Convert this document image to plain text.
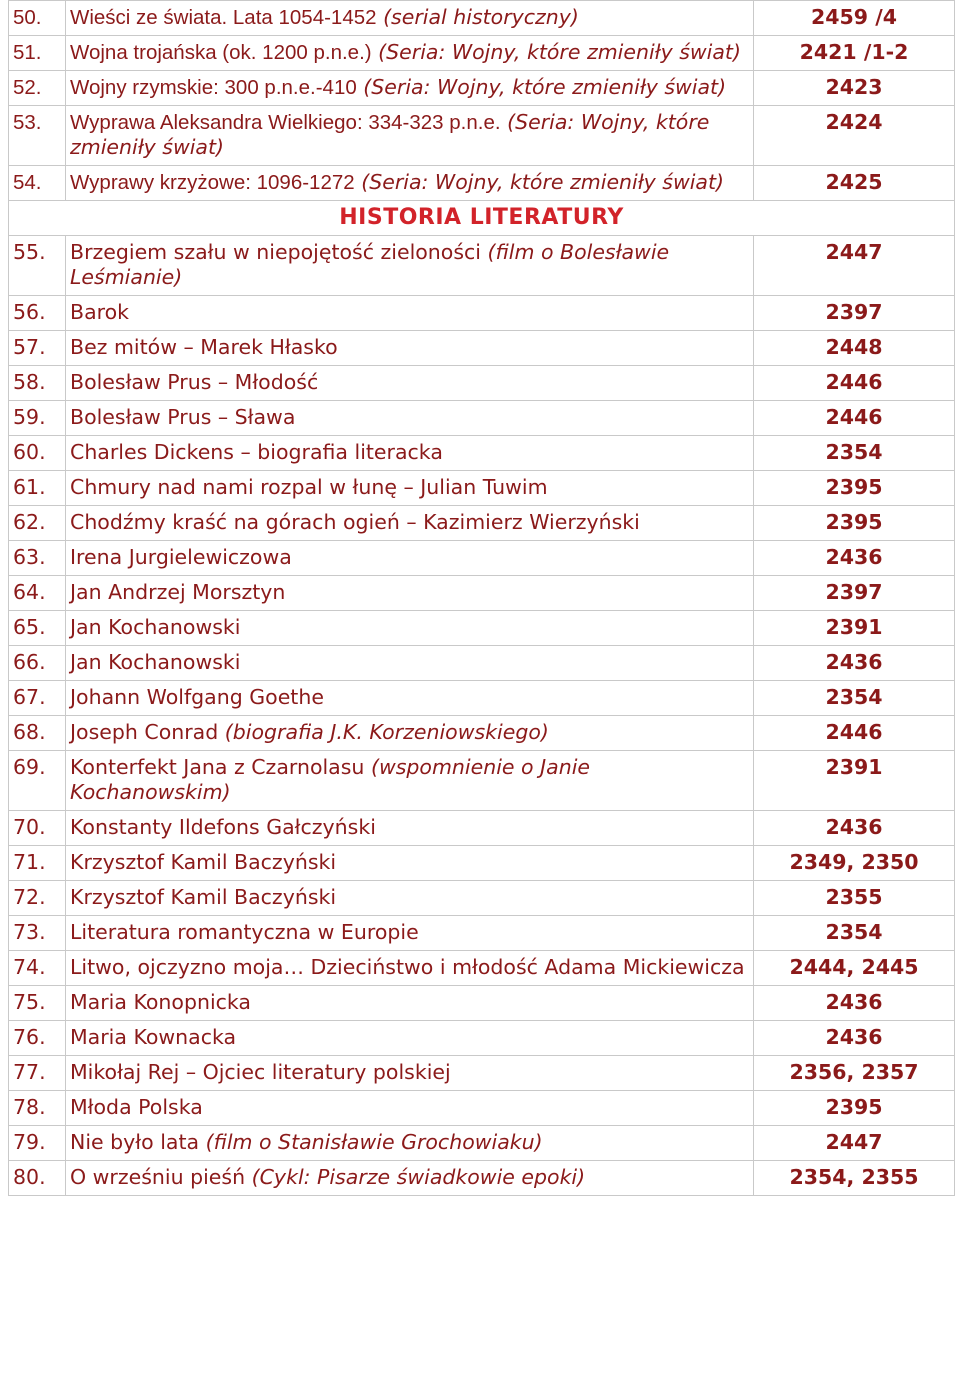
50.	Wieści ze świata. Lata 1054-1452 (serial historyczny)	2459 /4
51.	Wojna trojańska (ok. 1200 p.n.e.) (Seria: Wojny, które zmieniły świat)	2421 /1-2
52.	Wojny rzymskie: 300 p.n.e.-410 (Seria: Wojny, które zmieniły świat)	2423
53.	Wyprawa Aleksandra Wielkiego: 334-323 p.n.e. (Seria: Wojny, które zmieniły świat)	2424
54.	Wyprawy krzyżowe: 1096-1272 (Seria: Wojny, które zmieniły świat)	2425
HISTORIA LITERATURY		
55.	Brzegiem szału w niepojętość zieloności (film o Bolesławie Leśmianie)	2447
56.	Barok	2397
57.	Bez mitów – Marek Hłasko	2448
58.	Bolesław Prus – Młodość	2446
59.	Bolesław Prus – Sława	2446
60.	Charles Dickens – biografia literacka	2354
61.	Chmury nad nami rozpal w łunę – Julian Tuwim	2395
62.	Chodźmy kraść na górach ogień – Kazimierz Wierzyński	2395
63.	Irena Jurgielewiczowa	2436
64.	Jan Andrzej Morsztyn	2397
65.	Jan Kochanowski	2391
66.	Jan Kochanowski	2436
67.	Johann Wolfgang Goethe	2354
68.	Joseph Conrad (biografia J.K. Korzeniowskiego)	2446
69.	Konterfekt Jana z Czarnolasu (wspomnienie o Janie Kochanowskim)	2391
70.	Konstanty Ildefons Gałczyński	2436
71.	Krzysztof Kamil Baczyński	2349, 2350
72.	Krzysztof Kamil Baczyński	2355
73.	Literatura romantyczna w Europie	2354
74.	Litwo, ojczyzno moja… Dzieciństwo i młodość Adama Mickiewicza	2444, 2445
75.	Maria Konopnicka	2436
76.	Maria Kownacka	2436
77.	Mikołaj Rej – Ojciec literatury polskiej	2356, 2357
78.	Młoda Polska	2395
79.	Nie było lata (film o Stanisławie Grochowiaku)	2447
80.	O wrześniu pieśń (Cykl: Pisarze świadkowie epoki)	2354, 2355
